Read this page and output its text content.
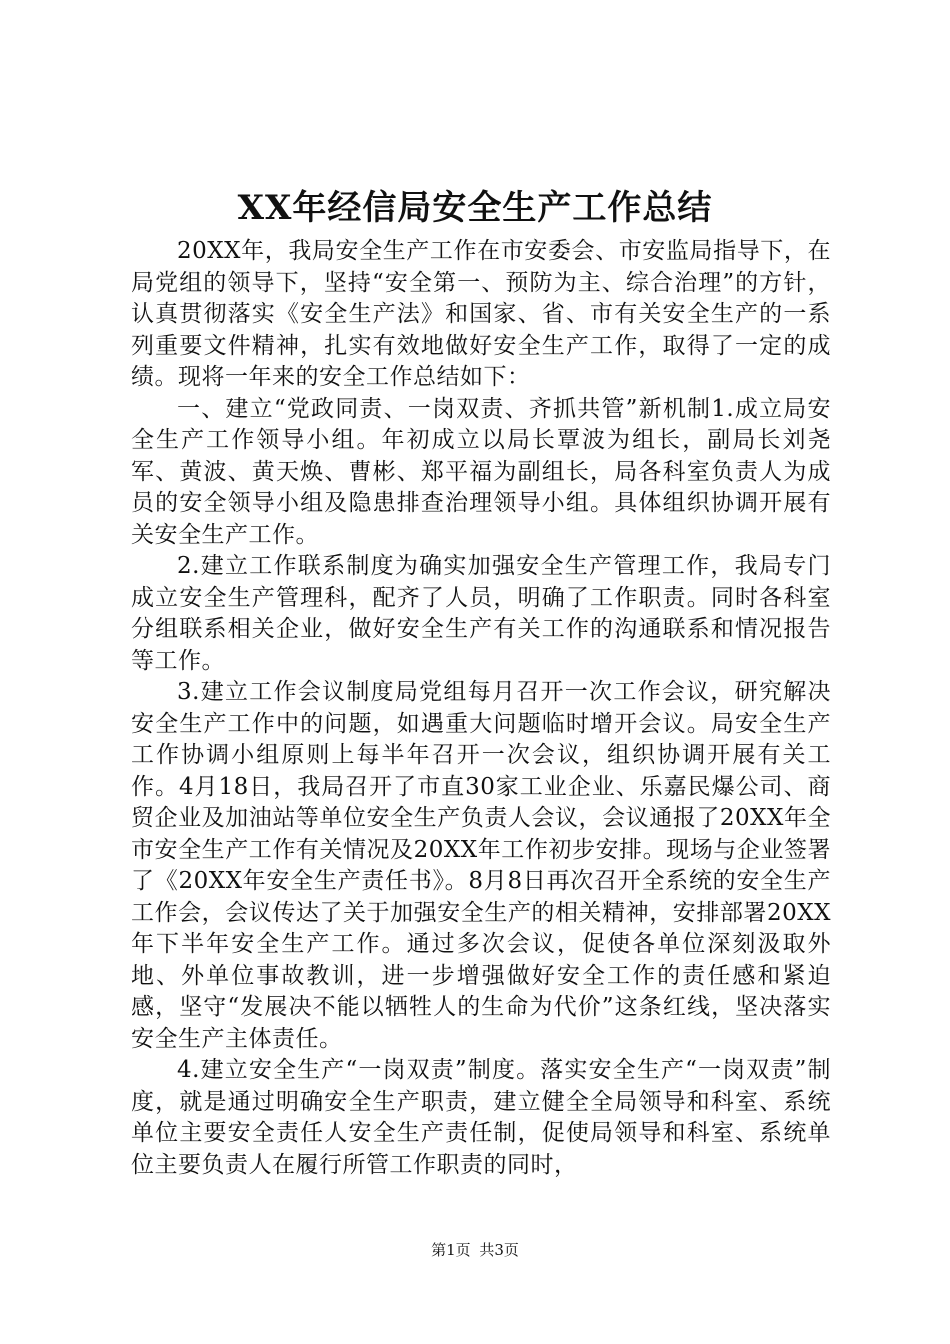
XX年经信局安全生产工作总结

20XX年，我局安全生产工作在市安委会、市安监局指导下，在局党组的领导下，坚持“安全第一、预防为主、综合治理”的方针，认真贯彻落实《安全生产法》和国家、省、市有关安全生产的一系列重要文件精神，扎实有效地做好安全生产工作，取得了一定的成绩。现将一年来的安全工作总结如下：

一、建立“党政同责、一岗双责、齐抓共管”新机制1.成立局安全生产工作领导小组。年初成立以局长覃波为组长，副局长刘尧军、黄波、黄天焕、曹彬、郑平福为副组长，局各科室负责人为成员的安全领导小组及隐患排查治理领导小组。具体组织协调开展有关安全生产工作。

2.建立工作联系制度为确实加强安全生产管理工作，我局专门成立安全生产管理科，配齐了人员，明确了工作职责。同时各科室分组联系相关企业，做好安全生产有关工作的沟通联系和情况报告等工作。

3.建立工作会议制度局党组每月召开一次工作会议，研究解决安全生产工作中的问题，如遇重大问题临时增开会议。局安全生产工作协调小组原则上每半年召开一次会议，组织协调开展有关工作。4月18日，我局召开了市直30家工业企业、乐嘉民爆公司、商贸企业及加油站等单位安全生产负责人会议，会议通报了20XX年全市安全生产工作有关情况及20XX年工作初步安排。现场与企业签署了《20XX年安全生产责任书》。8月8日再次召开全系统的安全生产工作会，会议传达了关于加强安全生产的相关精神，安排部署20XX年下半年安全生产工作。通过多次会议，促使各单位深刻汲取外地、外单位事故教训，进一步增强做好安全工作的责任感和紧迫感，坚守“发展决不能以牺牲人的生命为代价”这条红线，坚决落实安全生产主体责任。

4.建立安全生产“一岗双责”制度。落实安全生产“一岗双责”制度，就是通过明确安全生产职责，建立健全全局领导和科室、系统单位主要安全责任人安全生产责任制，促使局领导和科室、系统单位主要负责人在履行所管工作职责的同时，

第1页 共3页
